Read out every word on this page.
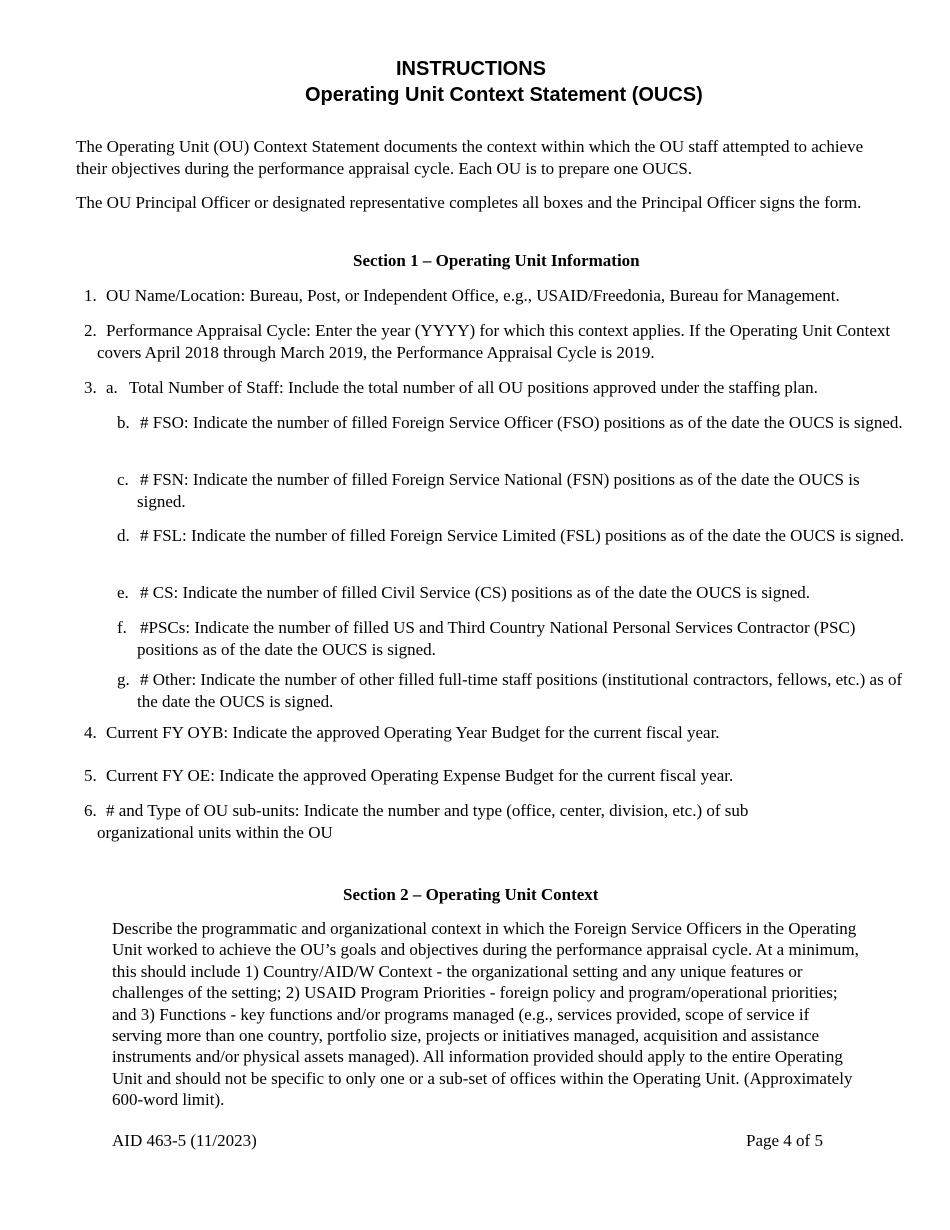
INSTRUCTIONS
Operating Unit Context Statement (OUCS)

The Operating Unit (OU) Context Statement documents the context within which the OU staff attempted to achieve their objectives during the performance appraisal cycle. Each OU is to prepare one OUCS.

The OU Principal Officer or designated representative completes all boxes and the Principal Officer signs the form.

Section 1 – Operating Unit Information
1. OU Name/Location: Bureau, Post, or Independent Office, e.g., USAID/Freedonia, Bureau for Management.

2. Performance Appraisal Cycle: Enter the year (YYYY) for which this context applies. If the Operating Unit Context covers April 2018 through March 2019, the Performance Appraisal Cycle is 2019.

3. a. Total Number of Staff: Include the total number of all OU positions approved under the staffing plan.

b. # FSO: Indicate the number of filled Foreign Service Officer (FSO) positions as of the date the OUCS is signed.

c. # FSN: Indicate the number of filled Foreign Service National (FSN) positions as of the date the OUCS is signed.

d. # FSL: Indicate the number of filled Foreign Service Limited (FSL) positions as of the date the OUCS is signed.

e. # CS: Indicate the number of filled Civil Service (CS) positions as of the date the OUCS is signed.

f. #PSCs: Indicate the number of filled US and Third Country National Personal Services Contractor (PSC) positions as of the date the OUCS is signed.

g. # Other: Indicate the number of other filled full-time staff positions (institutional contractors, fellows, etc.) as of the date the OUCS is signed.

4. Current FY OYB: Indicate the approved Operating Year Budget for the current fiscal year.

5. Current FY OE: Indicate the approved Operating Expense Budget for the current fiscal year.

6. # and Type of OU sub-units: Indicate the number and type (office, center, division, etc.) of sub organizational units within the OU

Section 2 – Operating Unit Context

Describe the programmatic and organizational context in which the Foreign Service Officers in the Operating Unit worked to achieve the OU’s goals and objectives during the performance appraisal cycle. At a minimum, this should include 1) Country/AID/W Context - the organizational setting and any unique features or challenges of the setting; 2) USAID Program Priorities - foreign policy and program/operational priorities; and 3) Functions - key functions and/or programs managed (e.g., services provided, scope of service if serving more than one country, portfolio size, projects or initiatives managed, acquisition and assistance instruments and/or physical assets managed). All information provided should apply to the entire Operating Unit and should not be specific to only one or a sub-set of offices within the Operating Unit. (Approximately 600-word limit).

AID 463-5 (11/2023)	Page 4 of 5
